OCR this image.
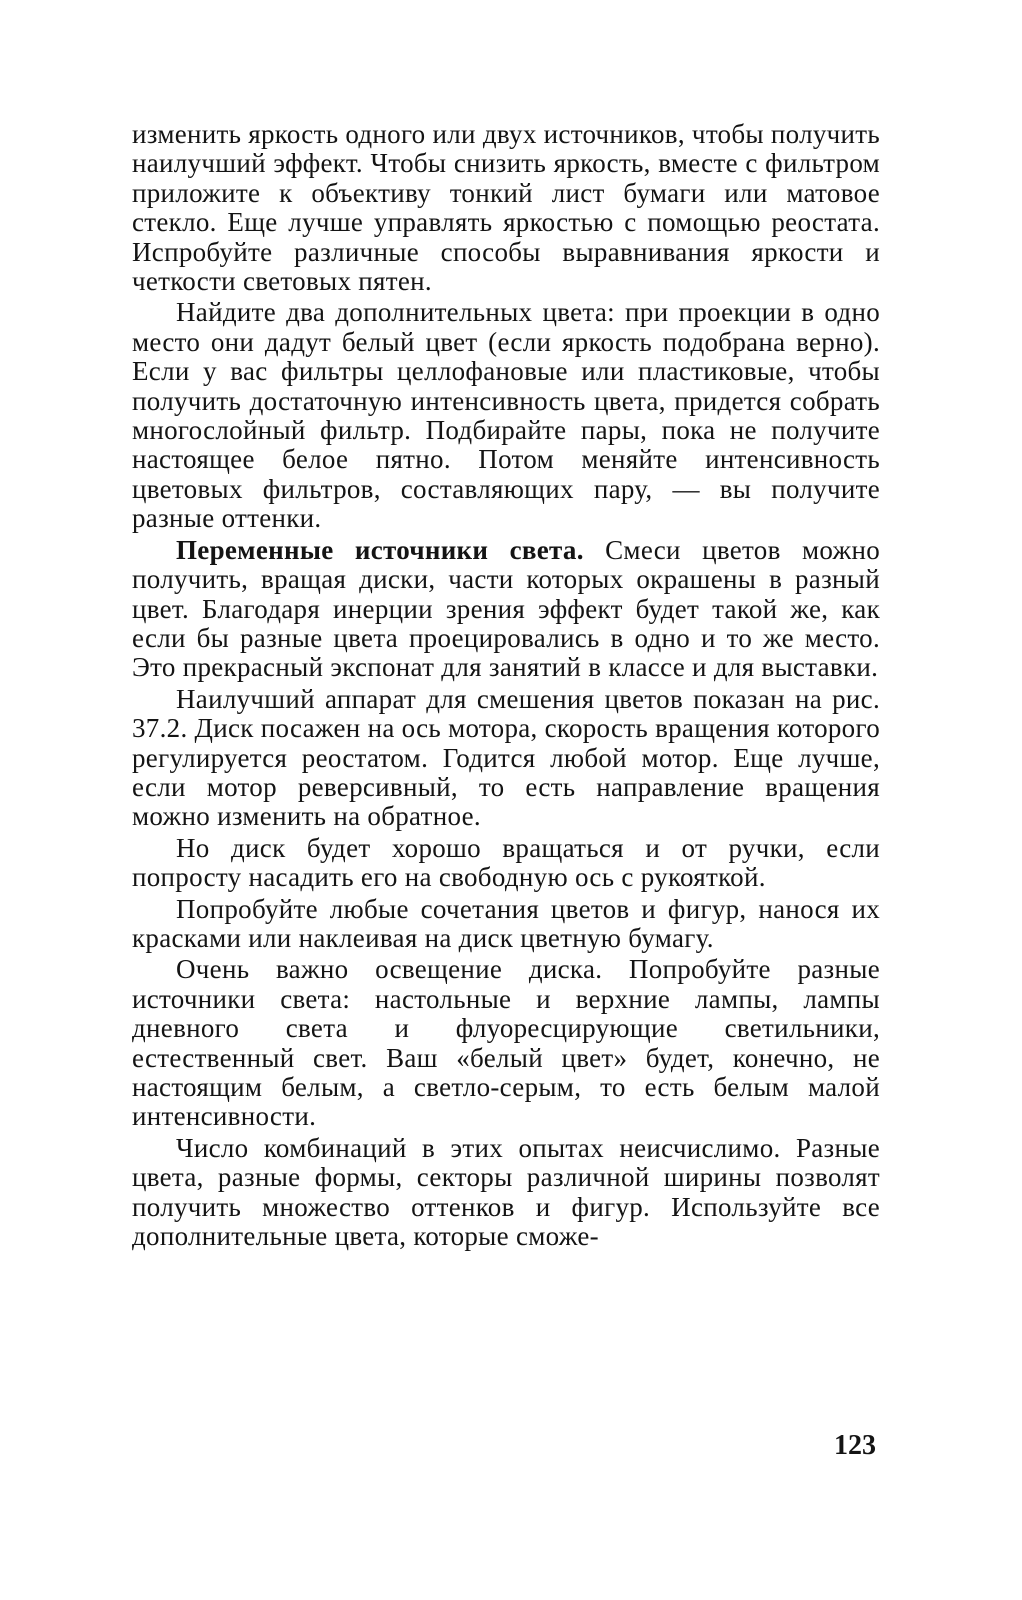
изменить яркость одного или двух источников, чтобы получить наилучший эффект. Чтобы снизить яркость, вместе с фильтром приложите к объективу тонкий лист бумаги или матовое стекло. Еще лучше управлять яркостью с помощью реостата. Испробуйте различные способы выравнивания яркости и четкости световых пятен.

Найдите два дополнительных цвета: при проекции в одно место они дадут белый цвет (если яркость подобрана верно). Если у вас фильтры целлофановые или пластиковые, чтобы получить достаточную интенсивность цвета, придется собрать многослойный фильтр. Подбирайте пары, пока не получите настоящее белое пятно. Потом меняйте интенсивность цветовых фильтров, составляющих пару, — вы получите разные оттенки.

Переменные источники света. Смеси цветов можно получить, вращая диски, части которых окрашены в разный цвет. Благодаря инерции зрения эффект будет такой же, как если бы разные цвета проецировались в одно и то же место. Это прекрасный экспонат для занятий в классе и для выставки.

Наилучший аппарат для смешения цветов показан на рис. 37.2. Диск посажен на ось мотора, скорость вращения которого регулируется реостатом. Годится любой мотор. Еще лучше, если мотор реверсивный, то есть направление вращения можно изменить на обратное.

Но диск будет хорошо вращаться и от ручки, если попросту насадить его на свободную ось с рукояткой.

Попробуйте любые сочетания цветов и фигур, нанося их красками или наклеивая на диск цветную бумагу.

Очень важно освещение диска. Попробуйте разные источники света: настольные и верхние лампы, лампы дневного света и флуоресцирующие светильники, естественный свет. Ваш «белый цвет» будет, конечно, не настоящим белым, а светло-серым, то есть белым малой интенсивности.

Число комбинаций в этих опытах неисчислимо. Разные цвета, разные формы, секторы различной ширины позволят получить множество оттенков и фигур. Используйте все дополнительные цвета, которые сможе-

123
